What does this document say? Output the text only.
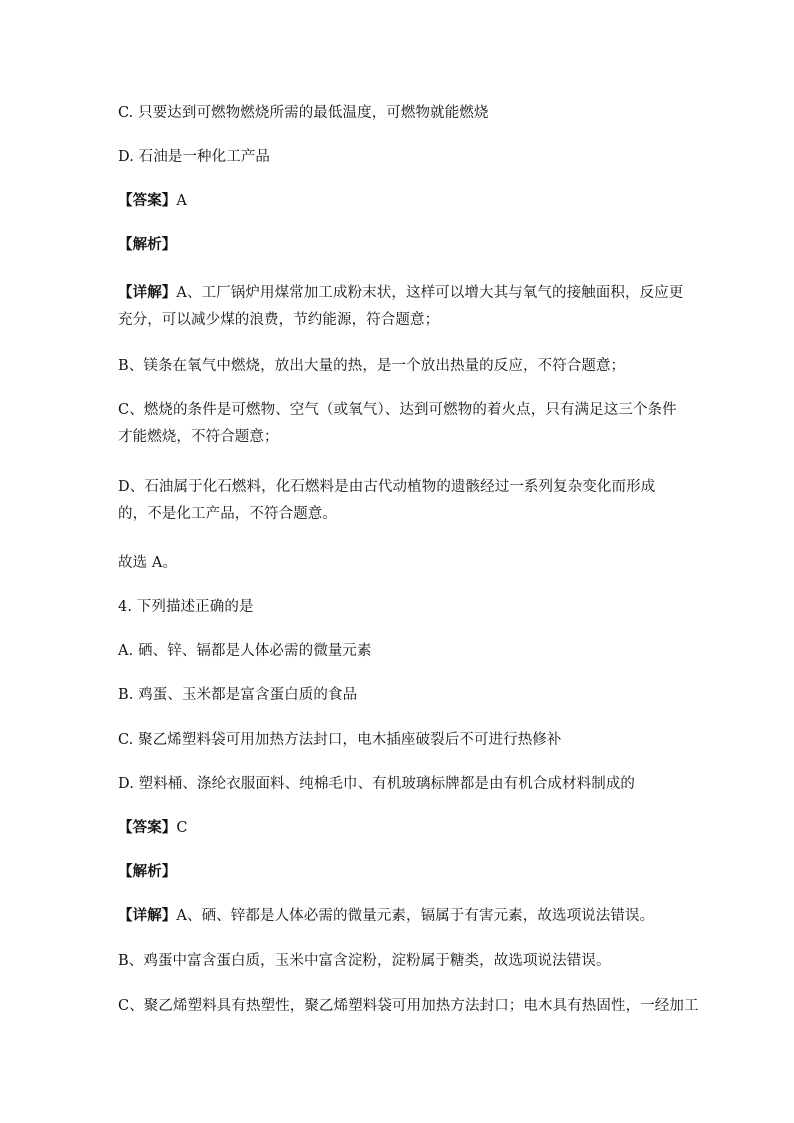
C. 只要达到可燃物燃烧所需的最低温度，可燃物就能燃烧
D. 石油是一种化工产品
【答案】A
【解析】
【详解】A、工厂锅炉用煤常加工成粉末状，这样可以增大其与氧气的接触面积，反应更充分，可以减少煤的浪费，节约能源，符合题意；
B、镁条在氧气中燃烧，放出大量的热，是一个放出热量的反应，不符合题意；
C、燃烧的条件是可燃物、空气（或氧气）、达到可燃物的着火点，只有满足这三个条件才能燃烧，不符合题意；
D、石油属于化石燃料，化石燃料是由古代动植物的遗骸经过一系列复杂变化而形成的，不是化工产品，不符合题意。
故选 A。
4. 下列描述正确的是
A. 硒、锌、镉都是人体必需的微量元素
B. 鸡蛋、玉米都是富含蛋白质的食品
C. 聚乙烯塑料袋可用加热方法封口，电木插座破裂后不可进行热修补
D. 塑料桶、涤纶衣服面料、纯棉毛巾、有机玻璃标牌都是由有机合成材料制成的
【答案】C
【解析】
【详解】A、硒、锌都是人体必需的微量元素，镉属于有害元素，故选项说法错误。
B、鸡蛋中富含蛋白质，玉米中富含淀粉，淀粉属于糖类，故选项说法错误。
C、聚乙烯塑料具有热塑性，聚乙烯塑料袋可用加热方法封口；电木具有热固性，一经加工
